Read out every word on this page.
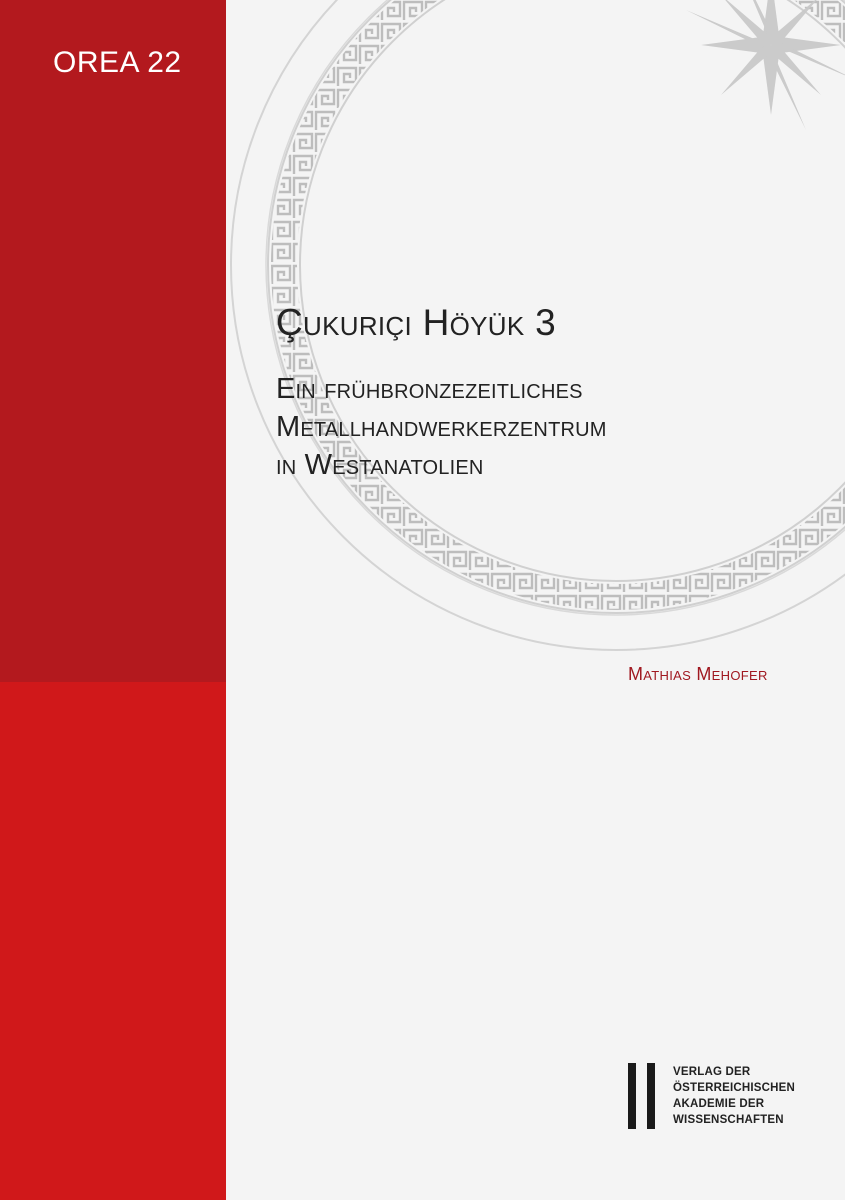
OREA 22
Çukuriçi Höyük 3
Ein frühbronzezeitliches
Metallhandwerkerzentrum
in Westanatolien
Mathias Mehofer
VERLAG DER
ÖSTERREICHISCHEN
AKADEMIE DER
WISSENSCHAFTEN
